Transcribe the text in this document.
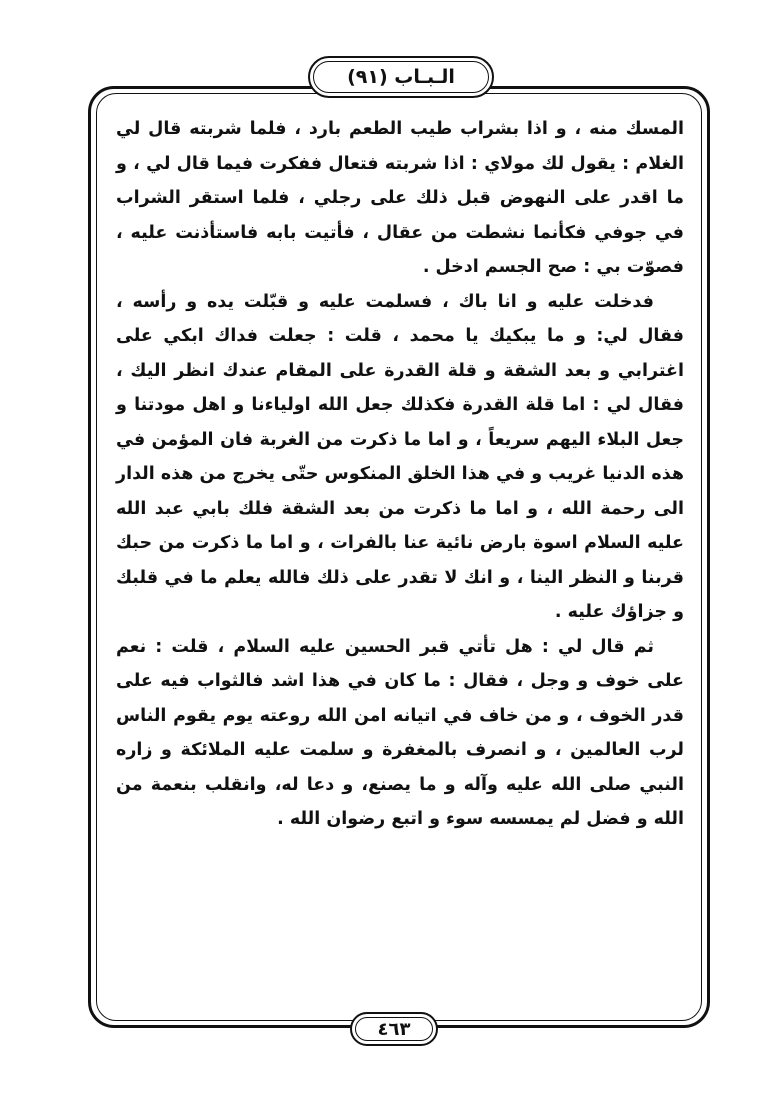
الـبـاب (٩١)

المسك منه ، و اذا بشراب طيب الطعم بارد ، فلما شربته قال لي الغلام : يقول لك مولاي : اذا شربته فتعال ففكرت فيما قال لي ، و ما اقدر على النهوض قبل ذلك على رجلي ، فلما استقر الشراب في جوفي فكأنما نشطت من عقال ، فأتيت بابه فاستأذنت عليه ، فصوّت بي : صح الجسم ادخل .

فدخلت عليه و انا باك ، فسلمت عليه و قبّلت يده و رأسه ، فقال لي: و ما يبكيك يا محمد ، قلت : جعلت فداك ابكي على اغترابي و بعد الشقة و قلة القدرة على المقام عندك انظر اليك ، فقال لي : اما قلة القدرة فكذلك جعل الله اولياءنا و اهل مودتنا و جعل البلاء اليهم سريعاً ، و اما ما ذكرت من الغربة فان المؤمن في هذه الدنيا غريب و في هذا الخلق المنكوس حتّى يخرج من هذه الدار الى رحمة الله ، و اما ما ذكرت من بعد الشقة فلك بابي عبد الله عليه السلام اسوة بارض نائية عنا بالفرات ، و اما ما ذكرت من حبك قربنا و النظر الينا ، و انك لا تقدر على ذلك فالله يعلم ما في قلبك و جزاؤك عليه .

ثم قال لي : هل تأتي قبر الحسين عليه السلام ، قلت : نعم على خوف و وجل ، فقال : ما كان في هذا اشد فالثواب فيه على قدر الخوف ، و من خاف في اتيانه امن الله روعته يوم يقوم الناس لرب العالمين ، و انصرف بالمغفرة و سلمت عليه الملائكة و زاره النبي صلى الله عليه وآله و ما يصنع، و دعا له، وانقلب بنعمة من الله و فضل لم يمسسه سوء و اتبع رضوان الله .

٤٦٣
